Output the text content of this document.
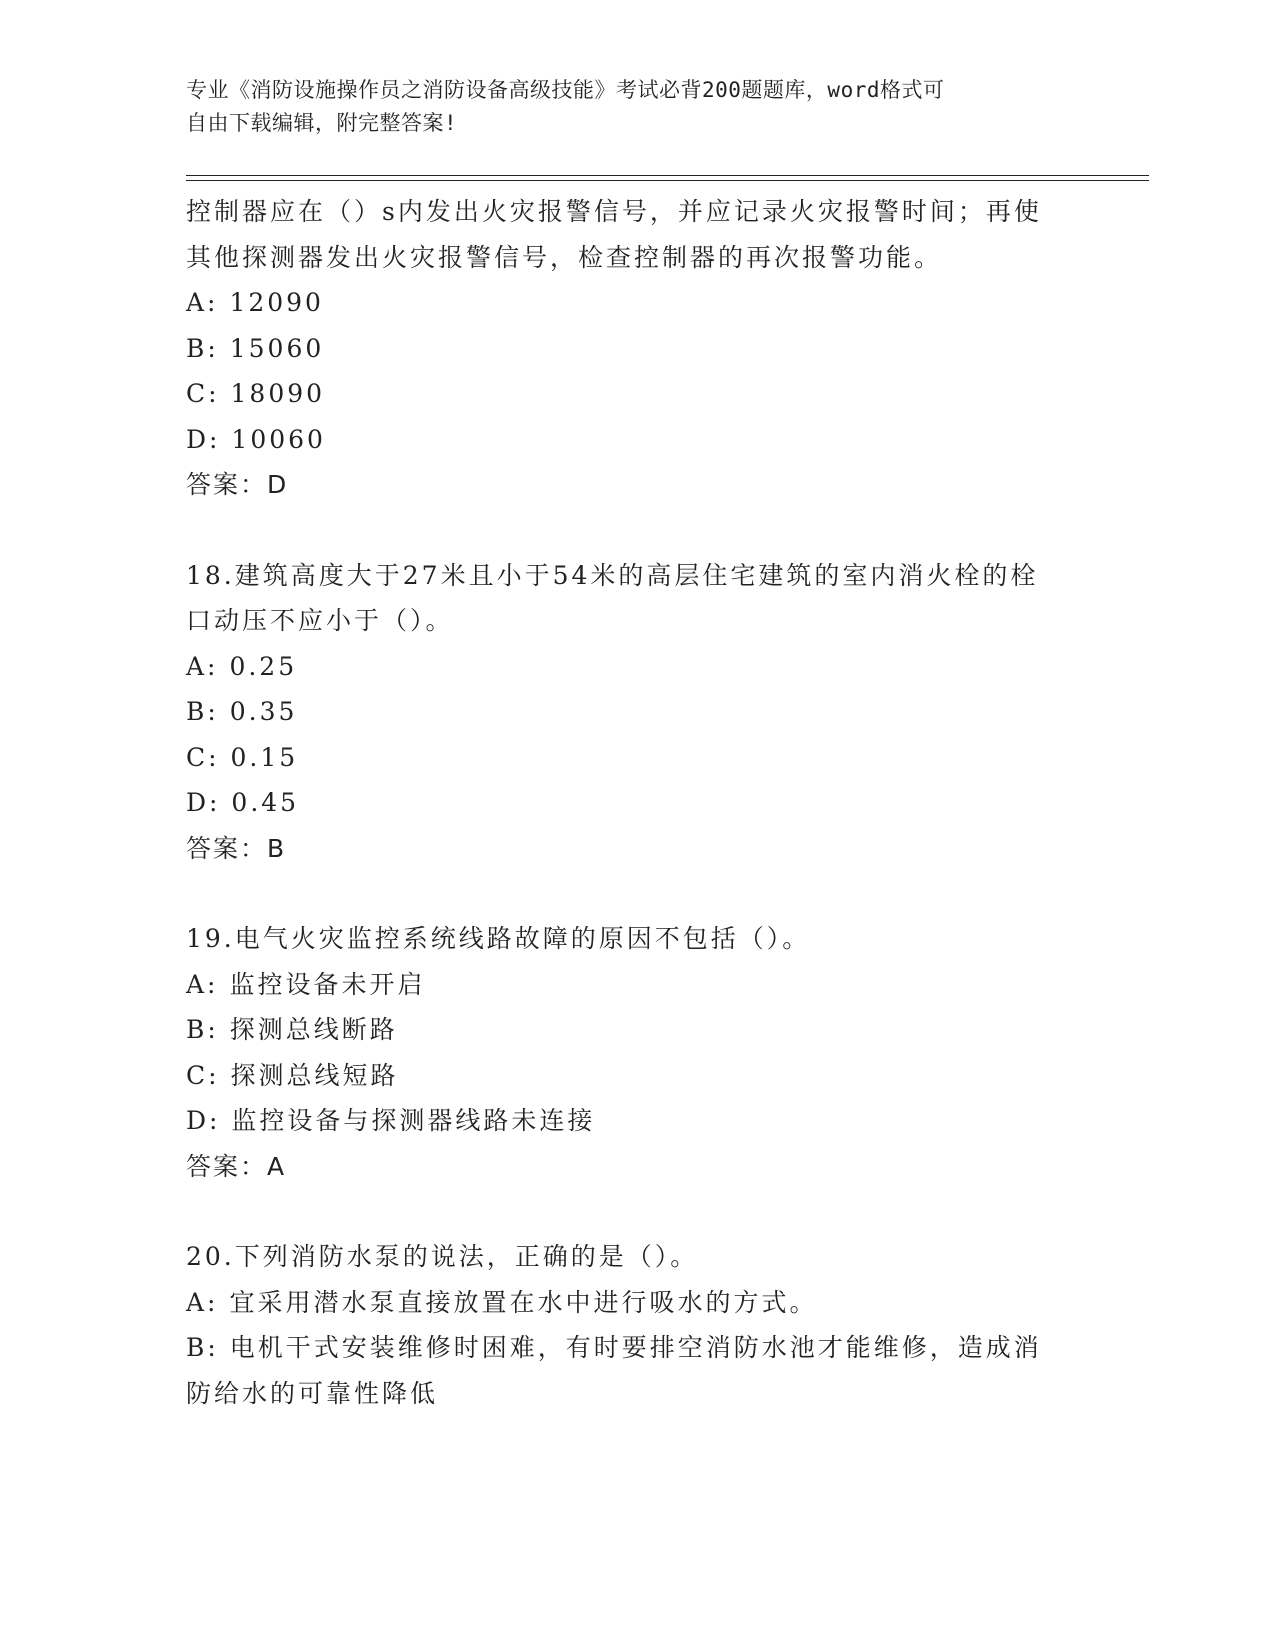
专业《消防设施操作员之消防设备高级技能》考试必背200题题库，word格式可
自由下载编辑，附完整答案!

控制器应在（）s内发出火灾报警信号，并应记录火灾报警时间；再使

其他探测器发出火灾报警信号，检查控制器的再次报警功能。

A: 12090

B: 15060

C: 18090

D: 10060

答案：D

18.建筑高度大于27米且小于54米的高层住宅建筑的室内消火栓的栓

口动压不应小于（）。

A: 0.25

B: 0.35

C: 0.15

D: 0.45

答案：B

19.电气火灾监控系统线路故障的原因不包括（）。

A: 监控设备未开启

B: 探测总线断路

C: 探测总线短路

D: 监控设备与探测器线路未连接

答案：A

20.下列消防水泵的说法，正确的是（）。

A: 宜采用潜水泵直接放置在水中进行吸水的方式。

B: 电机干式安装维修时困难，有时要排空消防水池才能维修，造成消

防给水的可靠性降低
